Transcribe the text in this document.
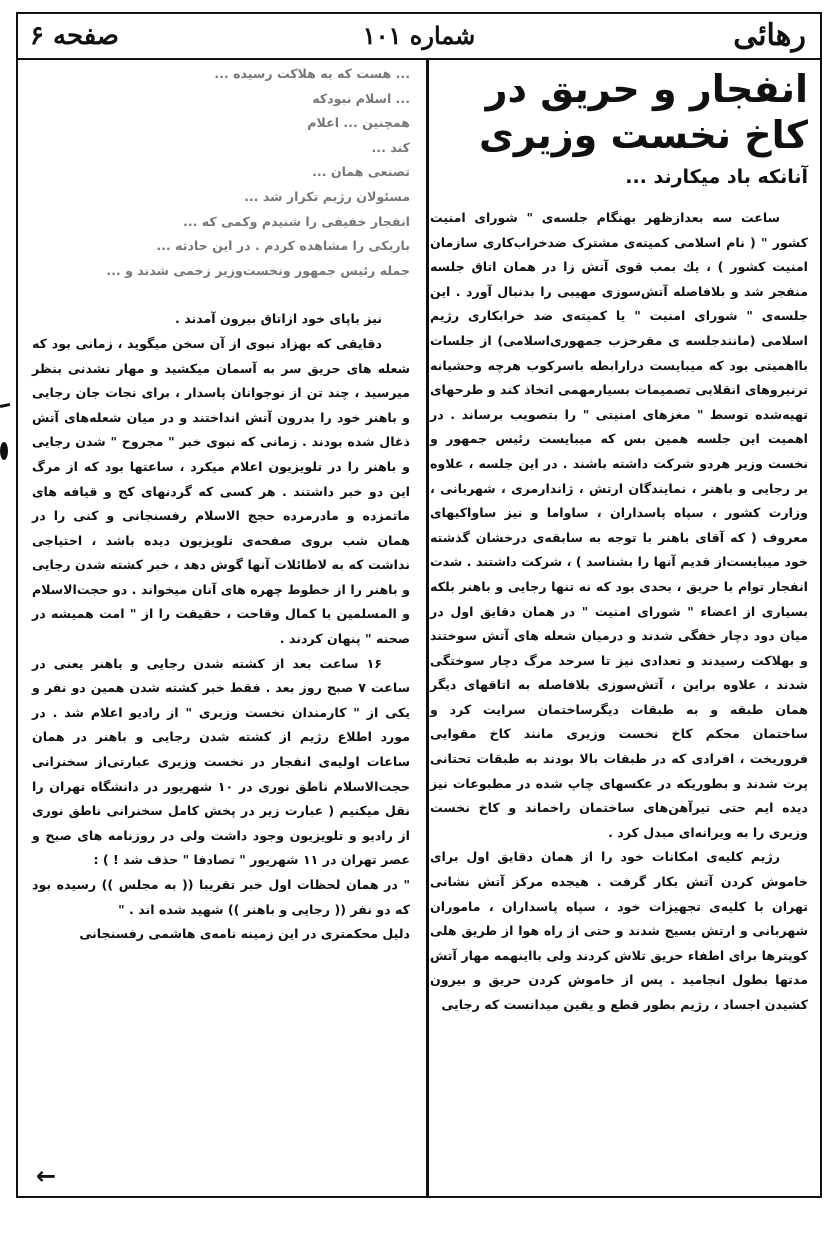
رهائی
شماره ۱۰۱
صفحه ۶
انفجار و حریق در
کاخ نخست وزیری
آنانکه باد میکارند ...

ساعت سه بعدازظهر بهنگام جلسه‌ی " شورای امنیت کشور " ( نام اسلامی کمیته‌ی مشترک ضدخراب‌کاری سازمان امنیت کشور ) ، یك بمب قوی آتش زا در همان اتاق جلسه منفجر شد و بلافاصله آتش‌سوزی مهیبی را بدنبال آورد . این جلسه‌ی " شورای امنیت " یا کمیته‌ی ضد خرابکاری رژیم اسلامی (مانندجلسه ی مقرحزب جمهوری‌اسلامی) از جلسات بااهمیتی بود که میبایست درارابطه باسرکوب هرچه وحشیانه ترنیروهای انقلابی تصمیمات بسیارمهمی اتخاذ کند و طرحهای تهیه‌شده توسط " مغزهای امنیتی " را بتصویب برساند . در اهمیت این جلسه همین بس که میبایست رئیس جمهور و نخست وزیر هردو شرکت داشته باشند . در این جلسه ، علاوه بر رجایی و باهنر ، نمایندگان ارتش ، ژاندارمری ، شهربانی ، وزارت کشور ، سپاه پاسداران ، ساواما و نیز ساواکیهای معروف ( که آقای باهنر با توجه به سابقه‌ی درخشان گذشته خود میبایست‌از قدیم آنها را بشناسد ) ، شرکت داشتند . شدت انفجار توام با حریق ، بحدی بود که نه تنها رجایی و باهنر بلکه بسیاری از اعضاء " شورای امنیت " در همان دقایق اول در میان دود دچار خفگی شدند و درمیان شعله های آتش سوختند و بهلاکت رسیدند و تعدادی نیز تا سرحد مرگ دچار سوختگی شدند ، علاوه براین ، آتش‌سوزی بلافاصله به اتاقهای دیگر همان طبقه و به طبقات دیگرساختمان سرایت کرد و ساختمان محکم کاخ نخست وزیری مانند کاخ مقوایی فروریخت ، افرادی که در طبقات بالا بودند به طبقات تحتانی پرت شدند و بطوریکه در عکسهای چاپ شده در مطبوعات نیز دیده ایم حتی تیرآهن‌های ساختمان راخماند و کاخ نخست وزیری را به ویرانه‌ای مبدل کرد .

رژیم کلیه‌ی امکانات خود را از همان دقایق اول برای خاموش کردن آتش بکار گرفت . هیجده مرکز آتش نشانی تهران با کلیه‌ی تجهیزات خود ، سپاه پاسداران ، ماموران شهربانی و ارتش بسیج شدند و حتی از راه هوا از طریق هلی کوپترها برای اطفاء حریق تلاش کردند ولی بااینهمه مهار آتش مدتها بطول انجامید . پس از خاموش کردن حریق و بیرون کشیدن اجساد ، رژیم بطور قطع و یقین میدانست که رجایی

... هست که به هلاکت رسیده ...
... اسلام نبودکه
همچنین ... اعلام
کند ...
تصنعی همان ...
مسئولان رژیم تکرار شد ...
انفجار خفیفی را شنیدم وکمی که ...
باریکی را مشاهده کردم . در این حادثه ...
جمله رئیس جمهور ونخست‌وزیر زخمی شدند و ...

نیز باپای خود ازاتاق بیرون آمدند .

دقایقی که بهزاد نبوی از آن سخن میگوید ، زمانی بود که شعله های حریق سر به آسمان میکشید و مهار نشدنی بنظر میرسید ، چند تن از نوجوانان پاسدار ، برای نجات جان رجایی و باهنر خود را بدرون آتش انداختند و در میان شعله‌های آتش ذغال شده بودند . زمانی که نبوی خبر " مجروح " شدن رجایی و باهنر را در تلویزیون اعلام میکرد ، ساعتها بود که از مرگ این دو خبر داشتند . هر کسی که گردنهای کج و قیافه های ماتمزده و مادرمرده حجج الاسلام رفسنجانی و کنی را در همان شب بروی صفحه‌ی تلویزیون دیده باشد ، احتیاجی نداشت که به لاطائلات آنها گوش دهد ، خبر کشته شدن رجایی و باهنر را از خطوط چهره های آنان میخواند . دو حجت‌الاسلام و المسلمین با کمال وقاحت ، حقیقت را از " امت همیشه در صحنه " پنهان کردند .

۱۶ ساعت بعد از کشته شدن رجایی و باهنر یعنی در ساعت ۷ صبح روز بعد . فقط خبر کشته شدن همین دو نفر و یکی از " کارمندان نخست وزیری " از رادیو اعلام شد . در مورد اطلاع رژیم از کشته شدن رجایی و باهنر در همان ساعات اولیه‌ی انفجار در نخست وزیری عبارتی‌از سخنرانی حجت‌الاسلام ناطق نوری در ۱۰ شهریور در دانشگاه تهران را نقل میکنیم ( عبارت زیر در پخش کامل سخنرانی ناطق نوری از رادیو و تلویزیون وجود داشت ولی در روزنامه های صبح و عصر تهران در ۱۱ شهریور " تصادفا " حذف شد ! ) :

" در همان لحظات اول خبر تقریبا (( به مجلس )) رسیده بود که دو نفر (( رجایی و باهنر )) شهید شده اند . "

دلیل محکمتری در این زمینه نامه‌ی هاشمی رفسنجانی

←
